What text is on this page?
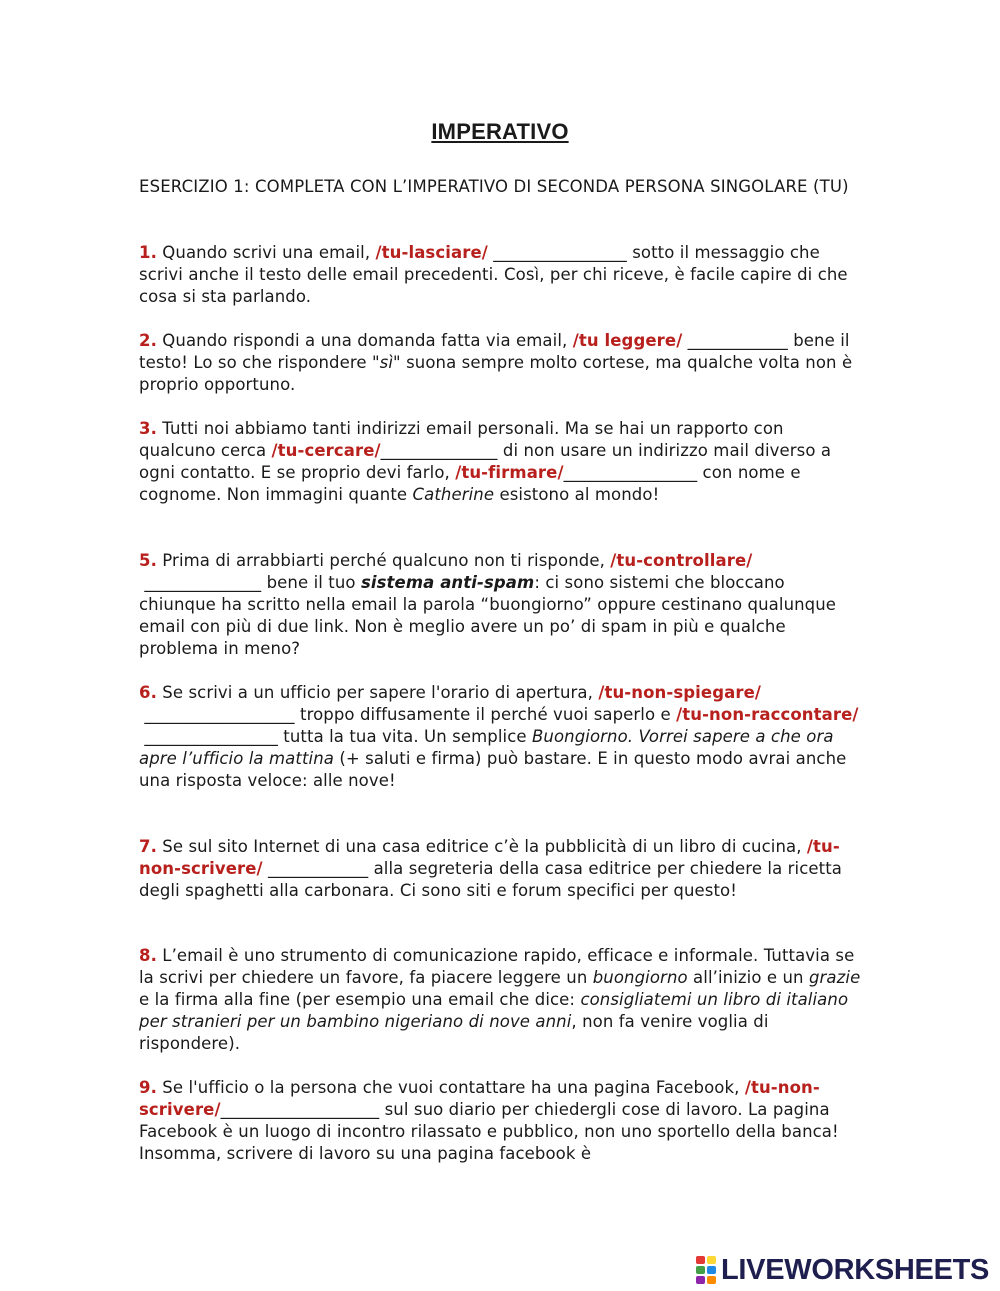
IMPERATIVO
ESERCIZIO 1: COMPLETA CON L’IMPERATIVO DI SECONDA PERSONA SINGOLARE (TU)
1. Quando scrivi una email, /tu-lasciare/ ________________ sotto il messaggio che scrivi anche il testo delle email precedenti. Così, per chi riceve, è facile capire di che cosa si sta parlando.
2. Quando rispondi a una domanda fatta via email, /tu leggere/ ____________ bene il testo! Lo so che rispondere "sì" suona sempre molto cortese, ma qualche volta non è proprio opportuno.
3. Tutti noi abbiamo tanti indirizzi email personali. Ma se hai un rapporto con qualcuno cerca /tu-cercare/______________ di non usare un indirizzo mail diverso a ogni contatto. E se proprio devi farlo, /tu-firmare/________________ con nome e cognome. Non immagini quante Catherine esistono al mondo!
5. Prima di arrabbiarti perché qualcuno non ti risponde, /tu-controllare/ ______________ bene il tuo sistema anti-spam: ci sono sistemi che bloccano chiunque ha scritto nella email la parola “buongiorno” oppure cestinano qualunque email con più di due link. Non è meglio avere un po’ di spam in più e qualche problema in meno?
6. Se scrivi a un ufficio per sapere l'orario di apertura, /tu-non-spiegare/ __________________ troppo diffusamente il perché vuoi saperlo e /tu-non-raccontare/ ________________ tutta la tua vita. Un semplice Buongiorno. Vorrei sapere a che ora apre l’ufficio la mattina (+ saluti e firma) può bastare. E in questo modo avrai anche una risposta veloce: alle nove!
7. Se sul sito Internet di una casa editrice c’è la pubblicità di un libro di cucina, /tu-non-scrivere/ ____________ alla segreteria della casa editrice per chiedere la ricetta degli spaghetti alla carbonara. Ci sono siti e forum specifici per questo!
8. L’email è uno strumento di comunicazione rapido, efficace e informale. Tuttavia se la scrivi per chiedere un favore, fa piacere leggere un buongiorno all’inizio e un grazie e la firma alla fine (per esempio una email che dice: consigliatemi un libro di italiano per stranieri per un bambino nigeriano di nove anni, non fa venire voglia di rispondere).
9. Se l'ufficio o la persona che vuoi contattare ha una pagina Facebook, /tu-non-scrivere/___________________ sul suo diario per chiedergli cose di lavoro. La pagina Facebook è un luogo di incontro rilassato e pubblico, non uno sportello della banca! Insomma, scrivere di lavoro su una pagina facebook è
LIVEWORKSHEETS
